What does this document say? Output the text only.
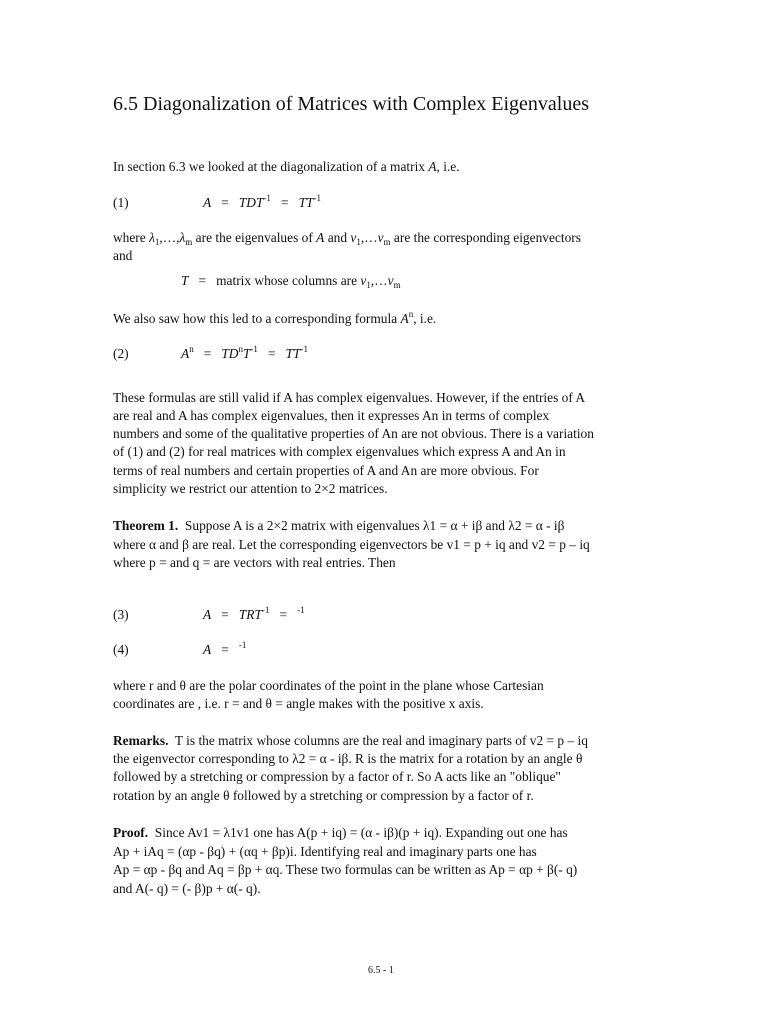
6.5 Diagonalization of Matrices with Complex Eigenvalues
In section 6.3 we looked at the diagonalization of a matrix A, i.e.
(1)	$A = TDT^{-1} = TT^{-1}$
where $\lambda_1,\dots,\lambda_m$ are the eigenvalues of A and $v_1,\dots v_m$ are the corresponding eigenvectors
and
T = matrix whose columns are $v_1,\dots v_m$
We also saw how this led to a corresponding formula $A^n$, i.e.
(2)	$A^n = TD^nT^{-1} = TT^{-1}$
These formulas are still valid if A has complex eigenvalues. However, if the entries of A
are real and A has complex eigenvalues, then it expresses An in terms of complex
numbers and some of the qualitative properties of An are not obvious. There is a variation
of (1) and (2) for real matrices with complex eigenvalues which express A and An in
terms of real numbers and certain properties of A and An are more obvious. For
simplicity we restrict our attention to 2×2 matrices.
Theorem 1. Suppose A is a 2×2 matrix with eigenvalues λ1 = α + iβ and λ2 = α - iβ
where α and β are real. Let the corresponding eigenvectors be v1 = p + iq and v2 = p – iq
where p = and q = are vectors with real entries. Then
(3)	$A = TRT^{-1} = ^{-1}$
(4)	A = $^{-1}$
where r and θ are the polar coordinates of the point in the plane whose Cartesian
coordinates are , i.e. r = and θ = angle makes with the positive x axis.
Remarks. T is the matrix whose columns are the real and imaginary parts of v2 = p – iq
the eigenvector corresponding to λ2 = α - iβ. R is the matrix for a rotation by an angle θ
followed by a stretching or compression by a factor of r. So A acts like an "oblique"
rotation by an angle θ followed by a stretching or compression by a factor of r.
Proof. Since Av1 = λ1v1 one has A(p + iq) = (α - iβ)(p + iq). Expanding out one has
Ap + iAq = (αp - βq) + (αq + βp)i. Identifying real and imaginary parts one has
Ap = αp - βq and Aq = βp + αq. These two formulas can be written as Ap = αp + β(- q)
and A(- q) = (- β)p + α(- q).
6.5 - 1
